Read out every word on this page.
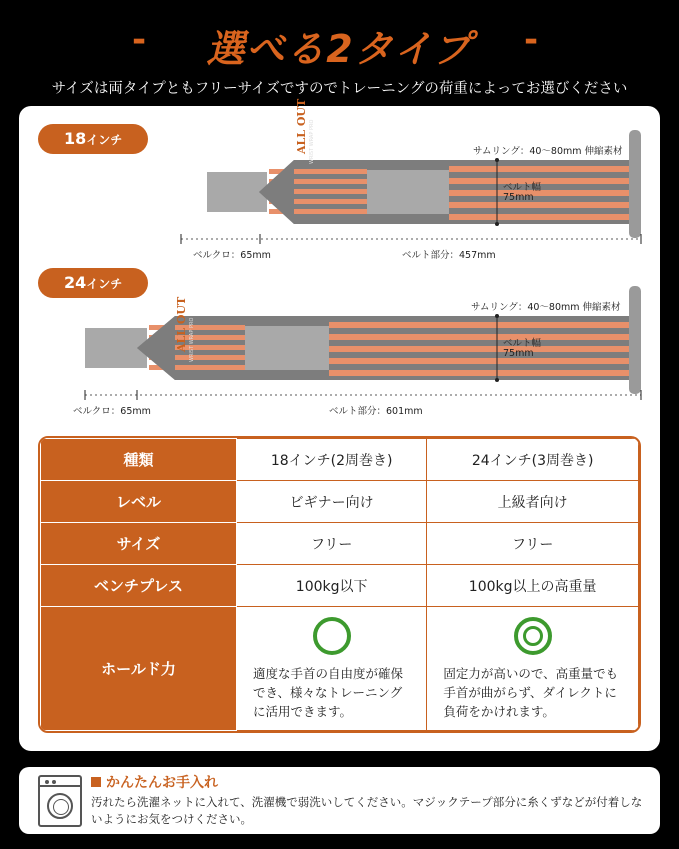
-	選べる2タイプ	-
サイズは両タイプともフリーサイズですのでトレーニングの荷重によってお選びください
18インチ	ALL OUT WRIST WRAP PRO	サムリング：40〜80mm 伸縮素材
ベルト幅
75mm
ベルクロ：65mm	ベルト部分：457mm
24インチ
ALL OUT WRIST WRAP PRO
サムリング：40〜80mm 伸縮素材
ベルト幅
75mm
ベルクロ：65mm	ベルト部分：601mm
種類	18インチ(2周巻き)	24インチ(3周巻き)
レベル	ビギナー向け	上級者向け
サイズ	フリー	フリー
ベンチプレス	100kg以下	100kg以上の高重量
ホールド力	適度な手首の自由度が確保でき、様々なトレーニングに活用できます。	固定力が高いので、高重量でも手首が曲がらず、ダイレクトに負荷をかけれます。
かんたんお手入れ
汚れたら洗濯ネットに入れて、洗濯機で弱洗いしてください。マジックテープ部分に糸くずなどが付着しないようにお気をつけください。
